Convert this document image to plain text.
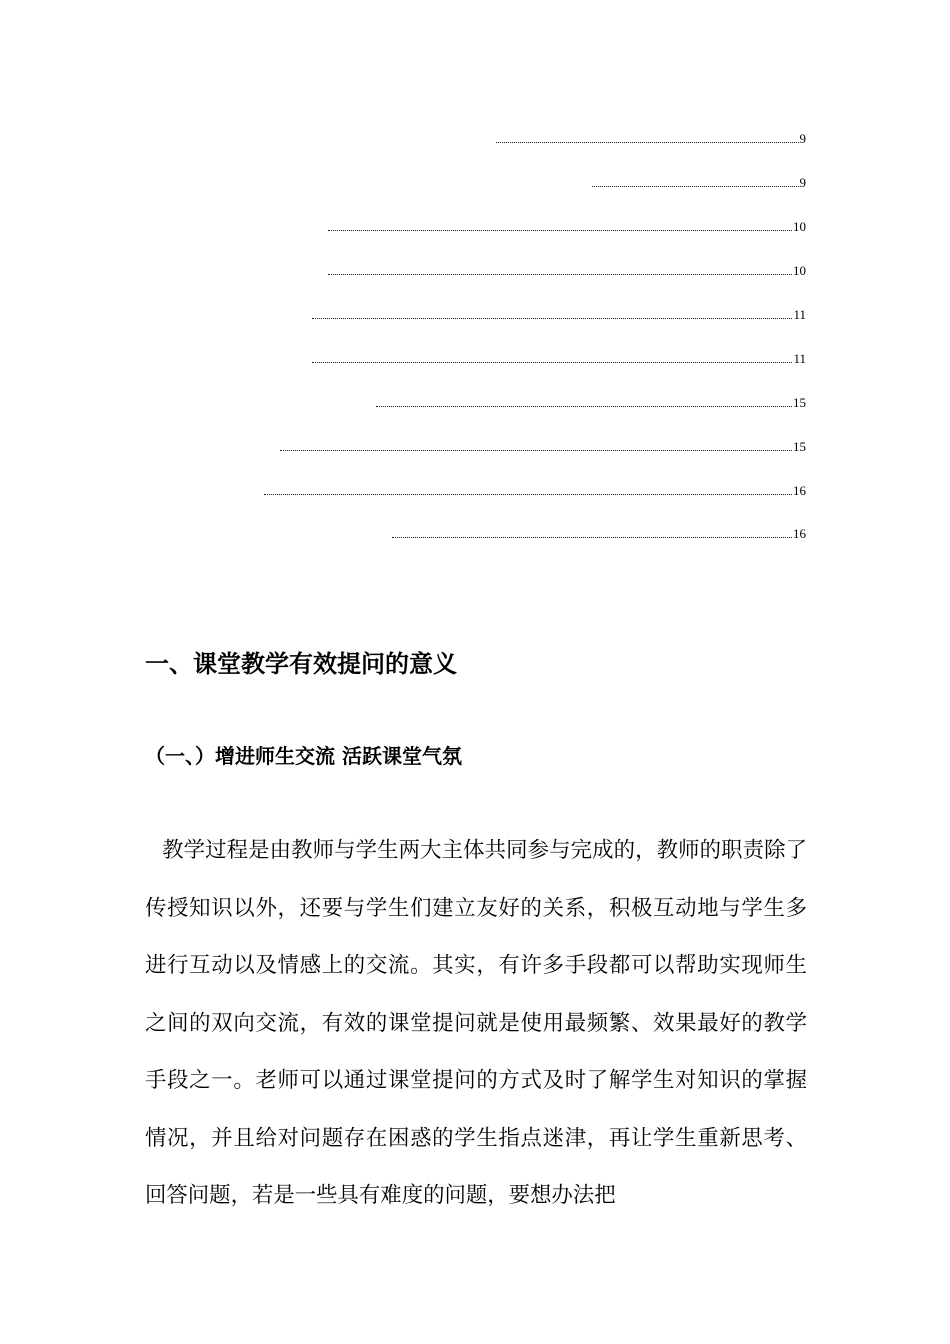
9
9
10
10
11
11
15
15
16
16
一、课堂教学有效提问的意义
（一、）增进师生交流 活跃课堂气氛
教学过程是由教师与学生两大主体共同参与完成的，教师的职责除了传授知识以外，还要与学生们建立友好的关系，积极互动地与学生多进行互动以及情感上的交流。其实，有许多手段都可以帮助实现师生之间的双向交流，有效的课堂提问就是使用最频繁、效果最好的教学手段之一。老师可以通过课堂提问的方式及时了解学生对知识的掌握情况，并且给对问题存在困惑的学生指点迷津，再让学生重新思考、回答问题，若是一些具有难度的问题，要想办法把
